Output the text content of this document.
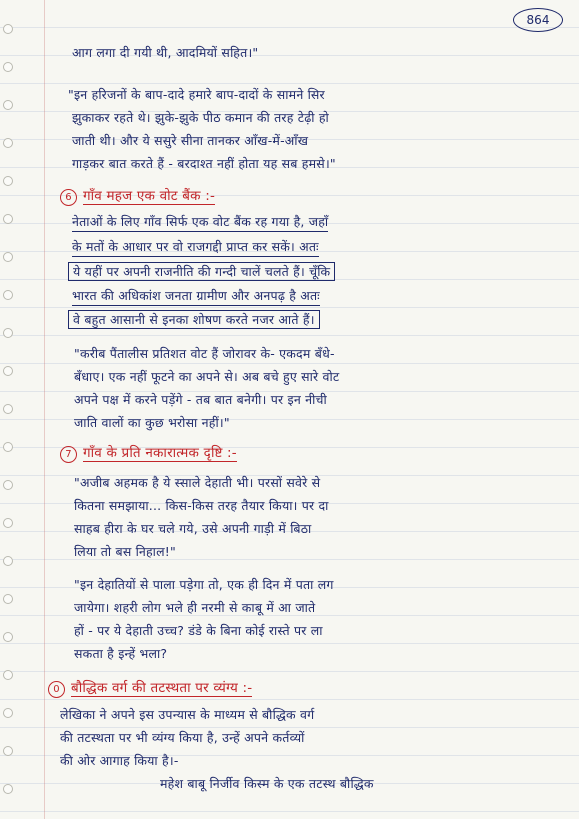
864
आग लगा दी गयी थी, आदमियों सहित।"
"इन हरिजनों के बाप-दादे हमारे बाप-दादों के सामने सिर
झुकाकर रहते थे। झुके-झुके पीठ कमान की तरह टेढ़ी हो
जाती थी। और ये ससुरे सीना तानकर आँख-में-आँख
गाड़कर बात करते हैं - बरदाश्त नहीं होता यह सब हमसे।"
6 गाँव महज एक वोट बैंक :-
नेताओं के लिए गाँव सिर्फ एक वोट बैंक रह गया है, जहाँ
के मतों के आधार पर वो राजगद्दी प्राप्त कर सकें। अतः
ये यहीं पर अपनी राजनीति की गन्दी चालें चलते हैं। चूँकि
भारत की अधिकांश जनता ग्रामीण और अनपढ़ है अतः
वे बहुत आसानी से इनका शोषण करते नजर आते हैं।
"करीब पैंतालीस प्रतिशत वोट हैं जोरावर के- एकदम बँधे-
बँधाए। एक नहीं फूटने का अपने से। अब बचे हुए सारे वोट
अपने पक्ष में करने पड़ेंगे - तब बात बनेगी। पर इन नीची
जाति वालों का कुछ भरोसा नहीं।"
7 गाँव के प्रति नकारात्मक दृष्टि :-
"अजीब अहमक है ये स्साले देहाती भी। परसों सवेरे से
कितना समझाया... किस-किस तरह तैयार किया। पर दा
साहब हीरा के घर चले गये, उसे अपनी गाड़ी में बिठा
लिया तो बस निहाल!"
"इन देहातियों से पाला पड़ेगा तो, एक ही दिन में पता लग
जायेगा। शहरी लोग भले ही नरमी से काबू में आ जाते
हों - पर ये देहाती उच्च? डंडे के बिना कोई रास्ते पर ला
सकता है इन्हें भला?
0 बौद्धिक वर्ग की तटस्थता पर व्यंग्य :-
लेखिका ने अपने इस उपन्यास के माध्यम से बौद्धिक वर्ग
की तटस्थता पर भी व्यंग्य किया है, उन्हें अपने कर्तव्यों
की ओर आगाह किया है।-
महेश बाबू निर्जीव किस्म के एक तटस्थ बौद्धिक
